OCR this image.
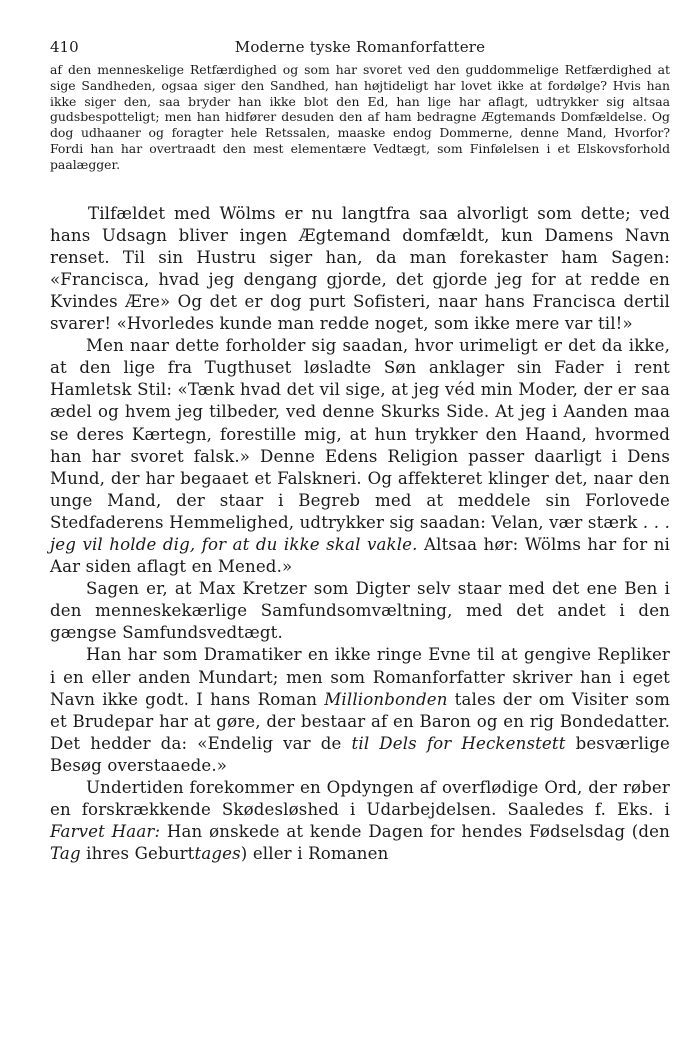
410	Moderne tyske Romanforfattere

af den menneskelige Retfærdighed og som har svoret ved den guddommelige Retfærdighed at sige Sandheden, ogsaa siger den Sandhed, han højtideligt har lovet ikke at fordølge? Hvis han ikke siger den, saa bryder han ikke blot den Ed, han lige har aflagt, udtrykker sig altsaa gudsbespotteligt; men han hidfører desuden den af ham bedragne Ægtemands Domfældelse. Og dog udhaaner og foragter hele Retssalen, maaske endog Dommerne, denne Mand, Hvorfor? Fordi han har overtraadt den mest elementære Vedtægt, som Finfølelsen i et Elskovsforhold paalægger.

Tilfældet med Wölms er nu langtfra saa alvorligt som dette; ved hans Udsagn bliver ingen Ægtemand domfældt, kun Damens Navn renset. Til sin Hustru siger han, da man forekaster ham Sagen: «Francisca, hvad jeg dengang gjorde, det gjorde jeg for at redde en Kvindes Ære» Og det er dog purt Sofisteri, naar hans Francisca dertil svarer! «Hvorledes kunde man redde noget, som ikke mere var til!»

Men naar dette forholder sig saadan, hvor urimeligt er det da ikke, at den lige fra Tugthuset løsladte Søn anklager sin Fader i rent Hamletsk Stil: «Tænk hvad det vil sige, at jeg véd min Moder, der er saa ædel og hvem jeg tilbeder, ved denne Skurks Side. At jeg i Aanden maa se deres Kærtegn, forestille mig, at hun trykker den Haand, hvormed han har svoret falsk.» Denne Edens Religion passer daarligt i Dens Mund, der har begaaet et Falskneri. Og affekteret klinger det, naar den unge Mand, der staar i Begreb med at meddele sin Forlovede Stedfaderens Hemmelighed, udtrykker sig saadan: Velan, vær stærk . . . jeg vil holde dig, for at du ikke skal vakle. Altsaa hør: Wölms har for ni Aar siden aflagt en Mened.»

Sagen er, at Max Kretzer som Digter selv staar med det ene Ben i den menneskekærlige Samfundsomvæltning, med det andet i den gængse Samfundsvedtægt.

Han har som Dramatiker en ikke ringe Evne til at gengive Repliker i en eller anden Mundart; men som Romanforfatter skriver han i eget Navn ikke godt. I hans Roman Millionbonden tales der om Visiter som et Brudepar har at gøre, der bestaar af en Baron og en rig Bondedatter. Det hedder da: «Endelig var de til Dels for Heckenstett besværlige Besøg overstaaede.»

Undertiden forekommer en Opdyngen af overflødige Ord, der røber en forskrækkende Skødesløshed i Udarbejdelsen. Saaledes f. Eks. i Farvet Haar: Han ønskede at kende Dagen for hendes Fødselsdag (den Tag ihres Geburttages) eller i Romanen
